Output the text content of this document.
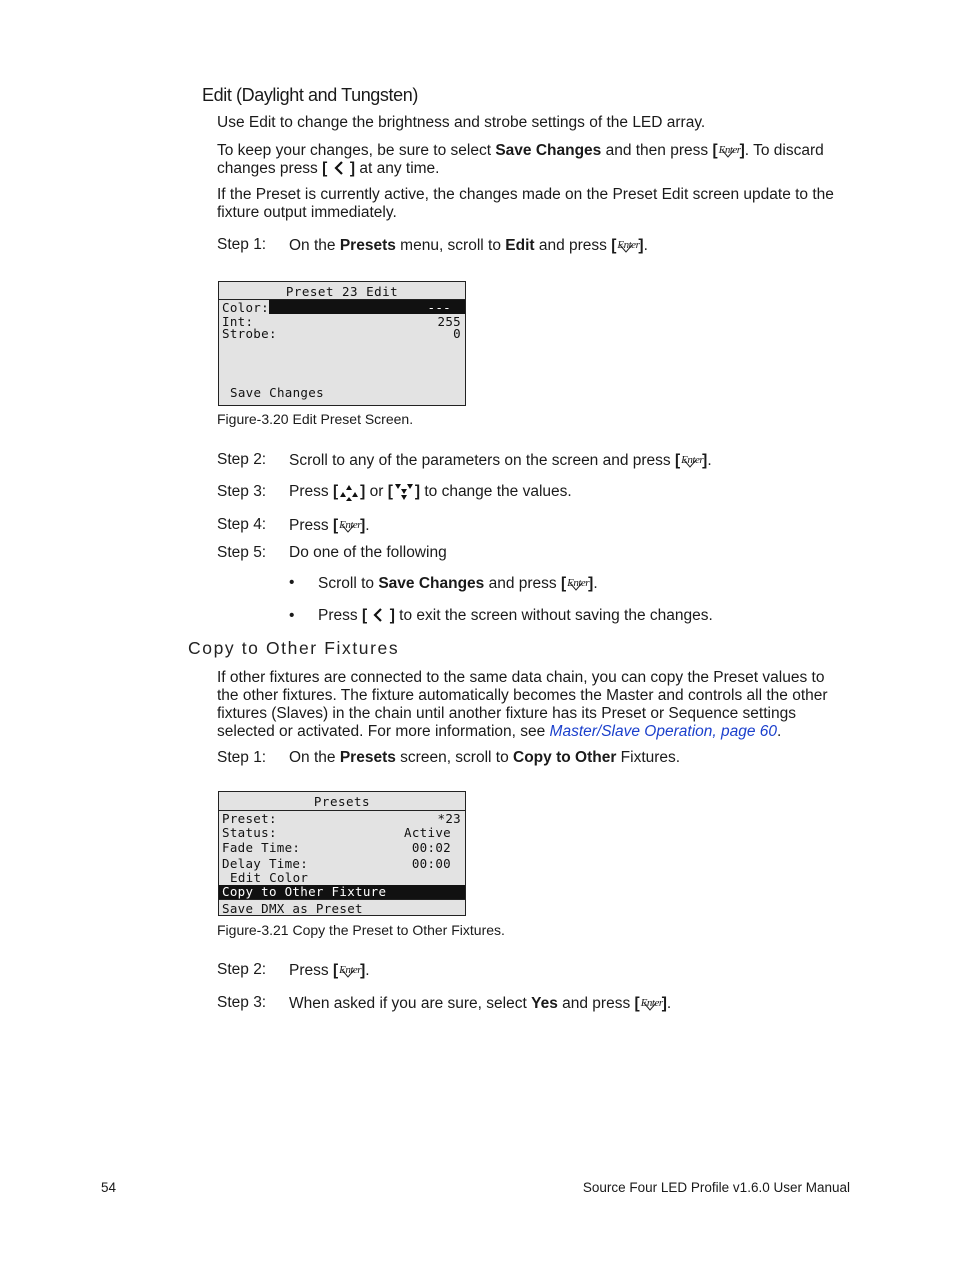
Edit (Daylight and Tungsten)
Use Edit to change the brightness and strobe settings of the LED array.
To keep your changes, be sure to select Save Changes and then press [ Enter ]. To discard
changes press [  ] at any time.
If the Preset is currently active, the changes made on the Preset Edit screen update to the
fixture output immediately.
Step 1: On the Presets menu, scroll to Edit and press [ Enter ].
Preset 23 Edit
Color:	---
Int:	255
Strobe:	0
Save Changes
Figure-3.20 Edit Preset Screen.
Step 2: Scroll to any of the parameters on the screen and press [ Enter ].
Step 3: Press [ ] or [ ] to change the values.
Step 4: Press [ Enter ].
Step 5: Do one of the following
• Scroll to Save Changes and press [ Enter ].
• Press [  ] to exit the screen without saving the changes.
Copy to Other Fixtures
If other fixtures are connected to the same data chain, you can copy the Preset values to
the other fixtures. The fixture automatically becomes the Master and controls all the other
fixtures (Slaves) in the chain until another fixture has its Preset or Sequence settings
selected or activated. For more information, see Master/Slave Operation, page 60.
Step 1: On the Presets screen, scroll to Copy to Other Fixtures.
Presets
Preset:	*23
Status:	Active
Fade Time:	00:02
Delay Time:	00:00
Edit Color
Copy to Other Fixture
Save DMX as Preset
Figure-3.21 Copy the Preset to Other Fixtures.
Step 2: Press [ Enter ].
Step 3: When asked if you are sure, select Yes and press [ Enter ].
54	Source Four LED Profile v1.6.0 User Manual
